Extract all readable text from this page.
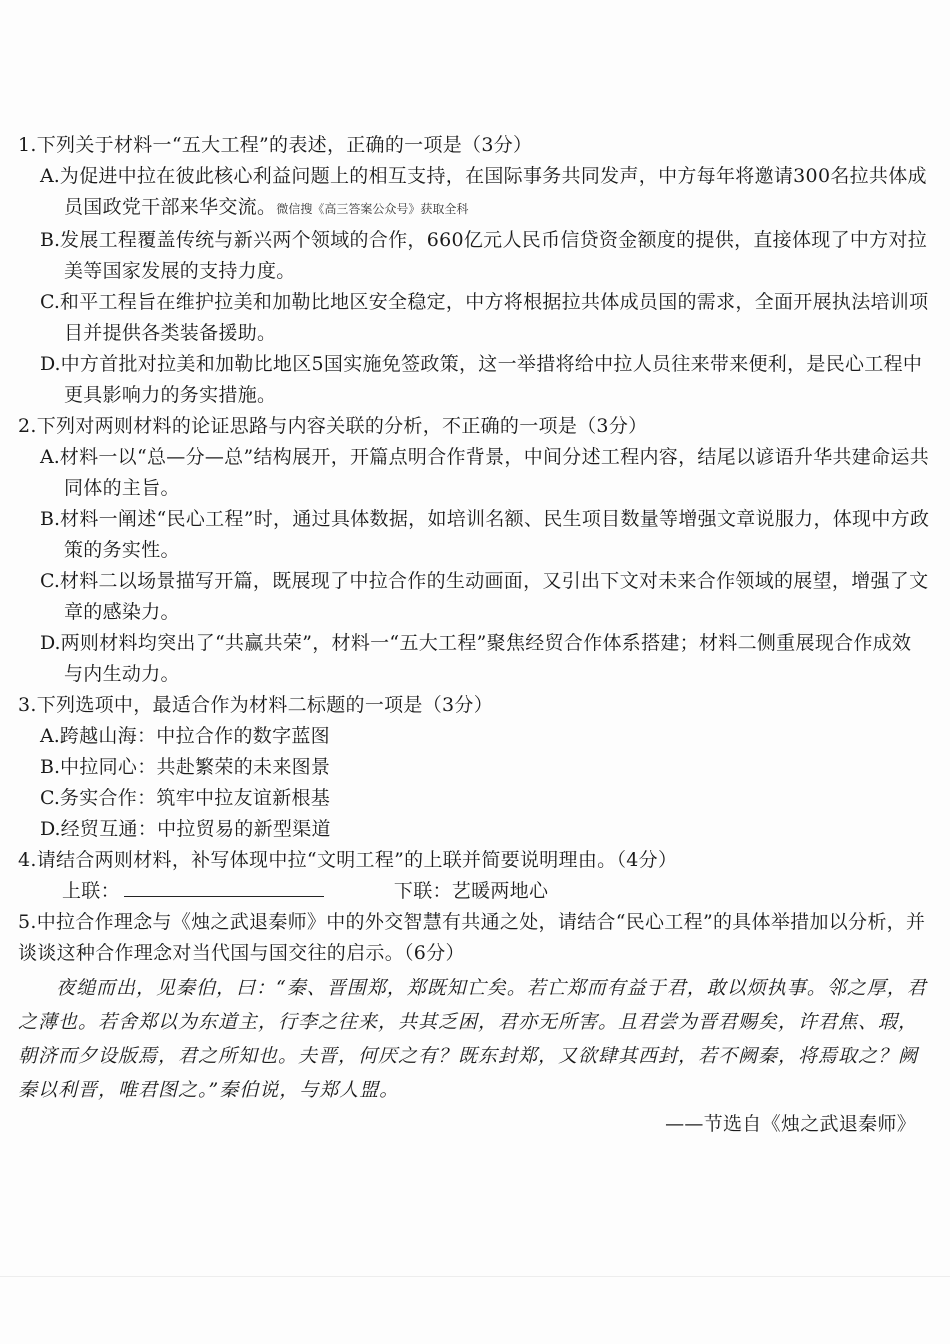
1.下列关于材料一“五大工程”的表述，正确的一项是（3分）

A.为促进中拉在彼此核心利益问题上的相互支持，在国际事务共同发声，中方每年将邀请300名拉共体成员国政党干部来华交流。微信搜《高三答案公众号》获取全科

B.发展工程覆盖传统与新兴两个领域的合作，660亿元人民币信贷资金额度的提供，直接体现了中方对拉美等国家发展的支持力度。

C.和平工程旨在维护拉美和加勒比地区安全稳定，中方将根据拉共体成员国的需求，全面开展执法培训项目并提供各类装备援助。

D.中方首批对拉美和加勒比地区5国实施免签政策，这一举措将给中拉人员往来带来便利，是民心工程中更具影响力的务实措施。

2.下列对两则材料的论证思路与内容关联的分析，不正确的一项是（3分）

A.材料一以“总—分—总”结构展开，开篇点明合作背景，中间分述工程内容，结尾以谚语升华共建命运共同体的主旨。

B.材料一阐述“民心工程”时，通过具体数据，如培训名额、民生项目数量等增强文章说服力，体现中方政策的务实性。

C.材料二以场景描写开篇，既展现了中拉合作的生动画面，又引出下文对未来合作领域的展望，增强了文章的感染力。

D.两则材料均突出了“共赢共荣”，材料一“五大工程”聚焦经贸合作体系搭建；材料二侧重展现合作成效与内生动力。

3.下列选项中，最适合作为材料二标题的一项是（3分）

A.跨越山海：中拉合作的数字蓝图

B.中拉同心：共赴繁荣的未来图景

C.务实合作：筑牢中拉友谊新根基

D.经贸互通：中拉贸易的新型渠道

4.请结合两则材料，补写体现中拉“文明工程”的上联并简要说明理由。（4分）

上联：	下联：艺暖两地心

5.中拉合作理念与《烛之武退秦师》中的外交智慧有共通之处，请结合“民心工程”的具体举措加以分析，并谈谈这种合作理念对当代国与国交往的启示。（6分）

夜缒而出，见秦伯，曰：“秦、晋围郑，郑既知亡矣。若亡郑而有益于君，敢以烦执事。邻之厚，君之薄也。若舍郑以为东道主，行李之往来，共其乏困，君亦无所害。且君尝为晋君赐矣，许君焦、瑕，朝济而夕设版焉，君之所知也。夫晋，何厌之有？既东封郑，又欲肆其西封，若不阙秦，将焉取之？阙秦以利晋，唯君图之。”秦伯说，与郑人盟。

——节选自《烛之武退秦师》
